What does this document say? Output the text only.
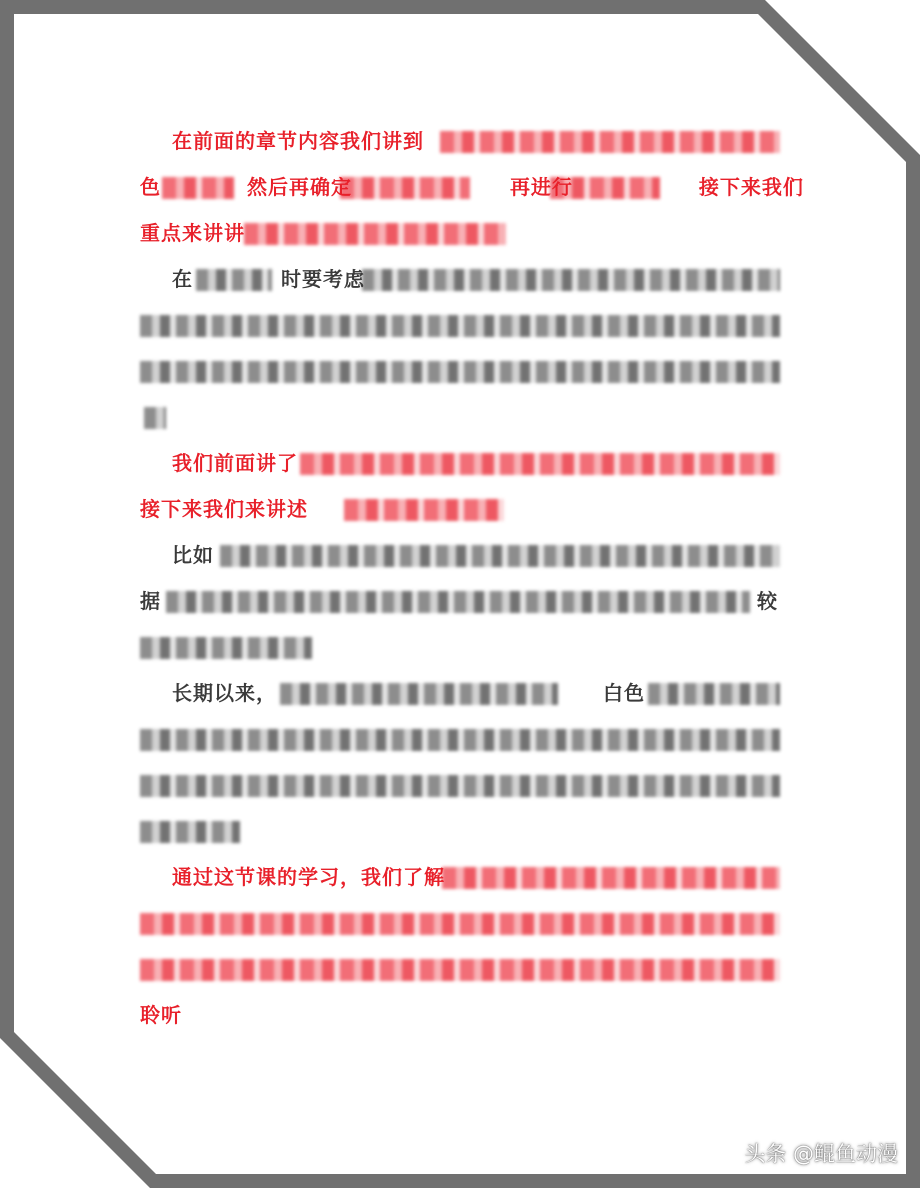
在前面的章节内容我们讲到
色	然后再确定	再进行	接下来我们
重点来讲讲
在	时要考虑
我们前面讲了
接下来我们来讲述
比如
据	较
长期以来，	白色
通过这节课的学习，我们了解
聆听
头条 @鲲鱼动漫
